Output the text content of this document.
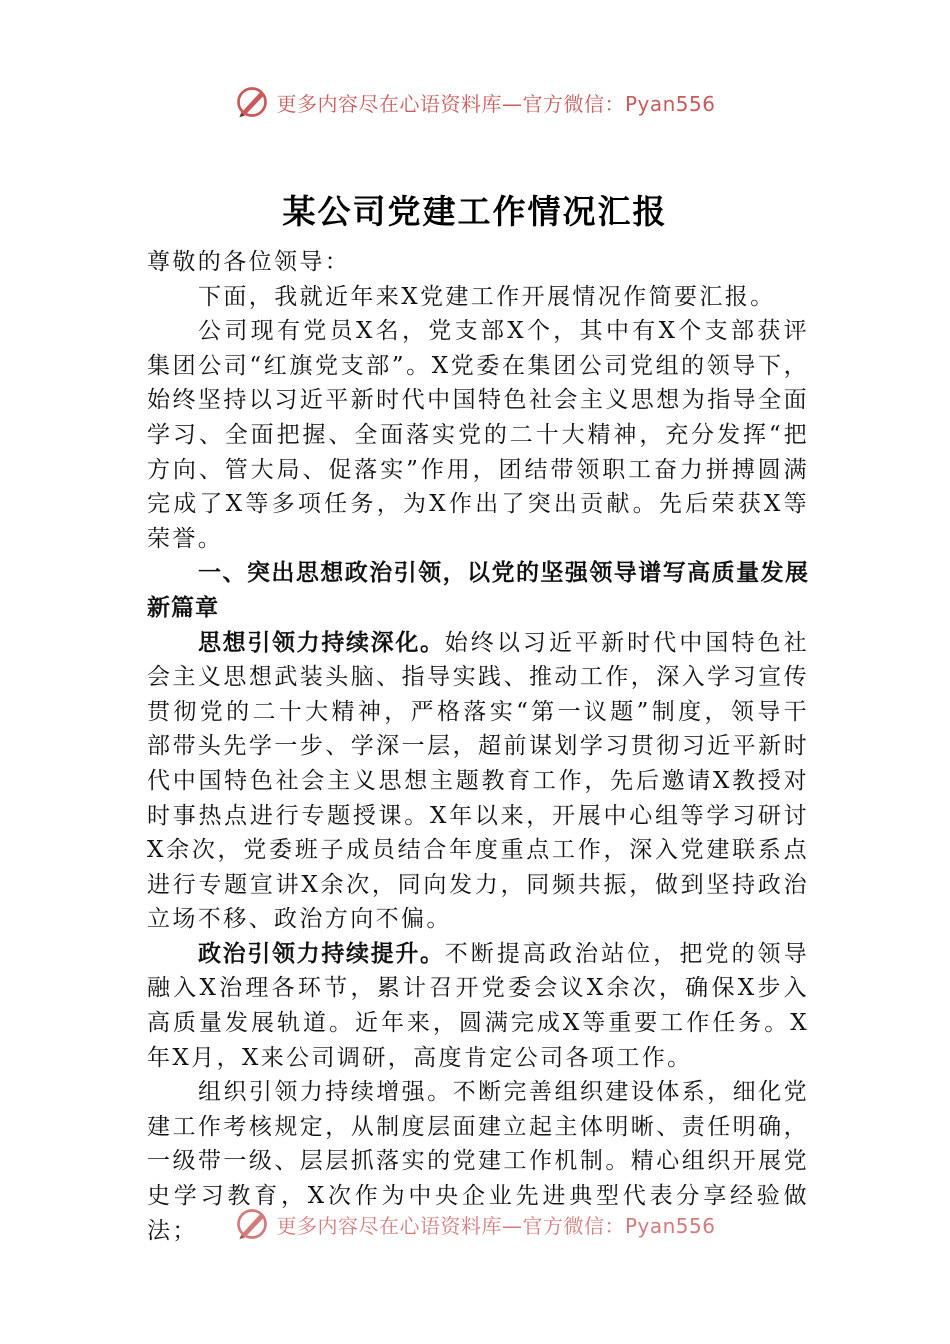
更多内容尽在心语资料库—官方微信：Pyan556
某公司党建工作情况汇报

尊敬的各位领导：

下面，我就近年来X党建工作开展情况作简要汇报。

公司现有党员X名，党支部X个，其中有X个支部获评集团公司“红旗党支部”。X党委在集团公司党组的领导下，始终坚持以习近平新时代中国特色社会主义思想为指导全面学习、全面把握、全面落实党的二十大精神，充分发挥“把方向、管大局、促落实”作用，团结带领职工奋力拼搏圆满完成了X等多项任务，为X作出了突出贡献。先后荣获X等荣誉。

一、突出思想政治引领，以党的坚强领导谱写高质量发展新篇章

思想引领力持续深化。始终以习近平新时代中国特色社会主义思想武装头脑、指导实践、推动工作，深入学习宣传贯彻党的二十大精神，严格落实“第一议题”制度，领导干部带头先学一步、学深一层，超前谋划学习贯彻习近平新时代中国特色社会主义思想主题教育工作，先后邀请X教授对时事热点进行专题授课。X年以来，开展中心组等学习研讨X余次，党委班子成员结合年度重点工作，深入党建联系点进行专题宣讲X余次，同向发力，同频共振，做到坚持政治立场不移、政治方向不偏。

政治引领力持续提升。不断提高政治站位，把党的领导融入X治理各环节，累计召开党委会议X余次，确保X步入高质量发展轨道。近年来，圆满完成X等重要工作任务。X年X月，X来公司调研，高度肯定公司各项工作。

组织引领力持续增强。不断完善组织建设体系，细化党建工作考核规定，从制度层面建立起主体明晰、责任明确，一级带一级、层层抓落实的党建工作机制。精心组织开展党史学习教育，X次作为中央企业先进典型代表分享经验做法；	更多内容尽在心语资料库—官方微信：Pyan556
